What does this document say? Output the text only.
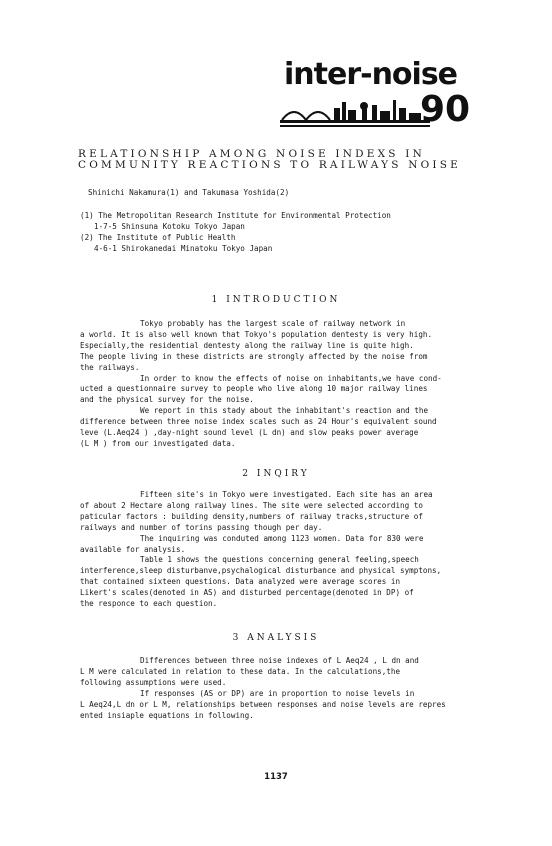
inter-noise
90
RELATIONSHIP AMONG NOISE INDEXS IN
COMMUNITY REACTIONS TO RAILWAYS NOISE
Shinichi Nakamura(1) and Takumasa Yoshida(2)
(1) The Metropolitan Research Institute for Environmental Protection
1-7-5 Shinsuna Kotoku Tokyo Japan
(2) The Institute of Public Health
4-6-1 Shirokanedai Minatoku Tokyo Japan
1 INTRODUCTION
Tokyo probably has the largest scale of railway network in
a world. It is also well known that Tokyo's population dentesty is very high.
Especially,the residential dentesty along the railway line is quite high.
The people living in these districts are strongly affected by the noise from
the railways.
In order to know the effects of noise on inhabitants,we have cond-
ucted a questionnaire survey to people who live along 10 major railway lines
and the physical survey for the noise.
We report in this stady about the inhabitant's reaction and the
difference between three noise index scales such as 24 Hour's equivalent sound
leve (L.Aeq24 ) ,day-night sound level (L dn) and slow peaks power average
(L M ) from our investigated data.
2 INQIRY
Fifteen site's in Tokyo were investigated. Each site has an area
of about 2 Hectare along railway lines. The site were selected according to
paticular factors : building density,numbers of railway tracks,structure of
railways and number of torins passing though per day.
The inquiring was conduted among 1123 women. Data for 830 were
available for analysis.
Table 1 shows the questions concerning general feeling,speech
interference,sleep disturbanve,psychalogical disturbance and physical symptons,
that contained sixteen questions. Data analyzed were average scores in
Likert's scales(denoted in AS) and disturbed percentage(denoted in DP) of
the responce to each question.
3 ANALYSIS
Differences between three noise indexes of L Aeq24 , L dn and
L M were calculated in relation to these data. In the calculations,the
following assumptions were used.
If responses (AS or DP) are in proportion to noise levels in
L Aeq24,L dn or L M, relationships between responses and noise levels are repres
ented insiaple equations in following.
1137
